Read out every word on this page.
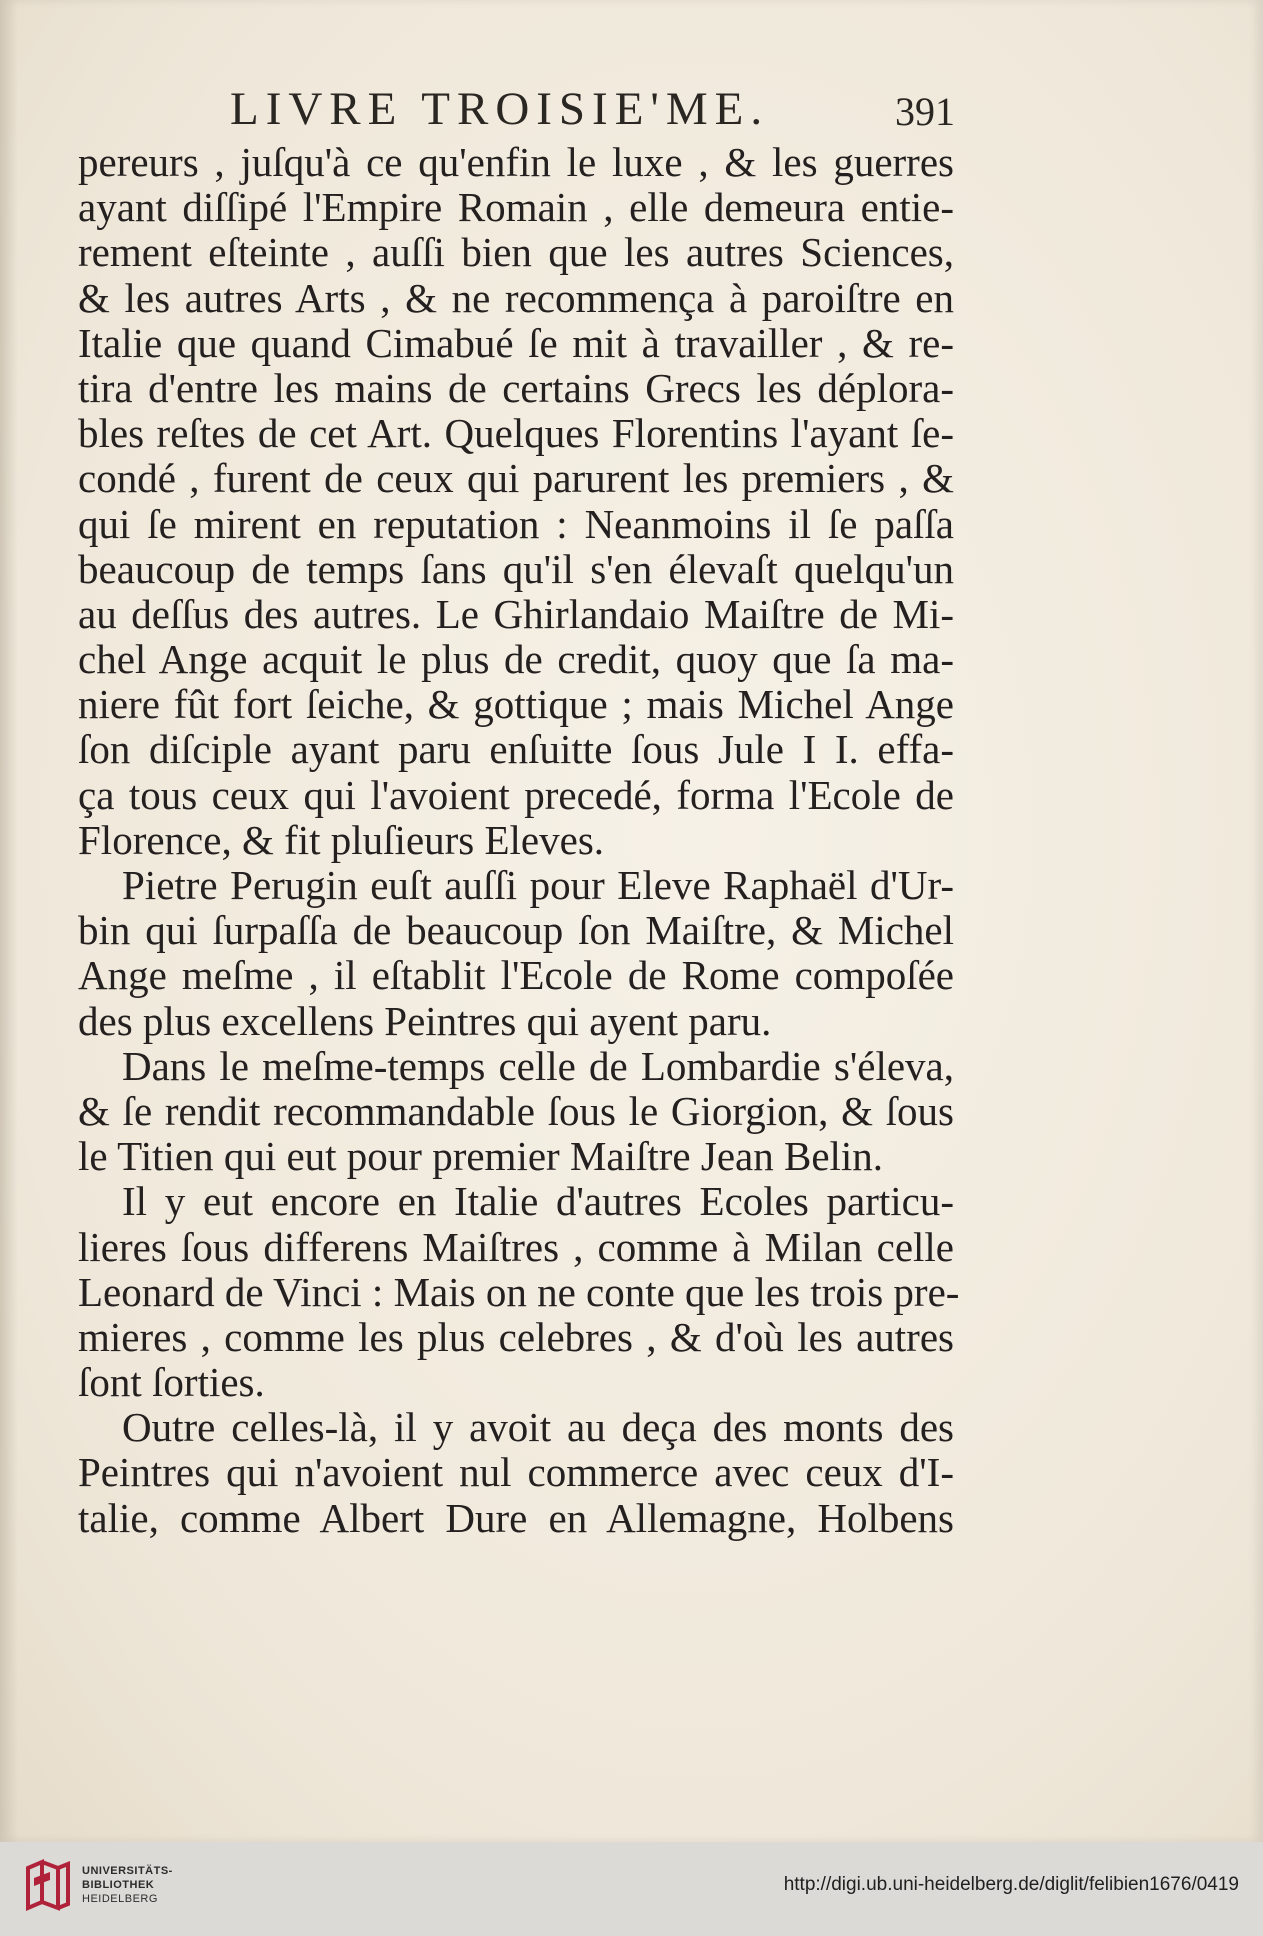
LIVRE TROISIE'ME.	391
pereurs , juſqu'à ce qu'enfin le luxe , & les guerres
ayant diſſipé l'Empire Romain , elle demeura entie-
rement eſteinte , auſſi bien que les autres Sciences,
& les autres Arts , & ne recommença à paroiſtre en
Italie que quand Cimabué ſe mit à travailler , & re-
tira d'entre les mains de certains Grecs les déplora-
bles reſtes de cet Art. Quelques Florentins l'ayant ſe-
condé , furent de ceux qui parurent les premiers , &
qui ſe mirent en reputation : Neanmoins il ſe paſſa
beaucoup de temps ſans qu'il s'en élevaſt quelqu'un
au deſſus des autres. Le Ghirlandaio Maiſtre de Mi-
chel Ange acquit le plus de credit, quoy que ſa ma-
niere fût fort ſeiche, & gottique ; mais Michel Ange
ſon diſciple ayant paru enſuitte ſous Jule I I. effa-
ça tous ceux qui l'avoient precedé, forma l'Ecole de
Florence, & fit pluſieurs Eleves.
Pietre Perugin euſt auſſi pour Eleve Raphaël d'Ur-
bin qui ſurpaſſa de beaucoup ſon Maiſtre, & Michel
Ange meſme , il eſtablit l'Ecole de Rome compoſée
des plus excellens Peintres qui ayent paru.
Dans le meſme-temps celle de Lombardie s'éleva,
& ſe rendit recommandable ſous le Giorgion, & ſous
le Titien qui eut pour premier Maiſtre Jean Belin.
Il y eut encore en Italie d'autres Ecoles particu-
lieres ſous differens Maiſtres , comme à Milan celle
Leonard de Vinci : Mais on ne conte que les trois pre-
mieres , comme les plus celebres , & d'où les autres
ſont ſorties.
Outre celles-là, il y avoit au deça des monts des
Peintres qui n'avoient nul commerce avec ceux d'I-
talie, comme Albert Dure en Allemagne, Holbens
UNIVERSITÄTS-
BIBLIOTHEK
HEIDELBERG
http://digi.ub.uni-heidelberg.de/diglit/felibien1676/0419
